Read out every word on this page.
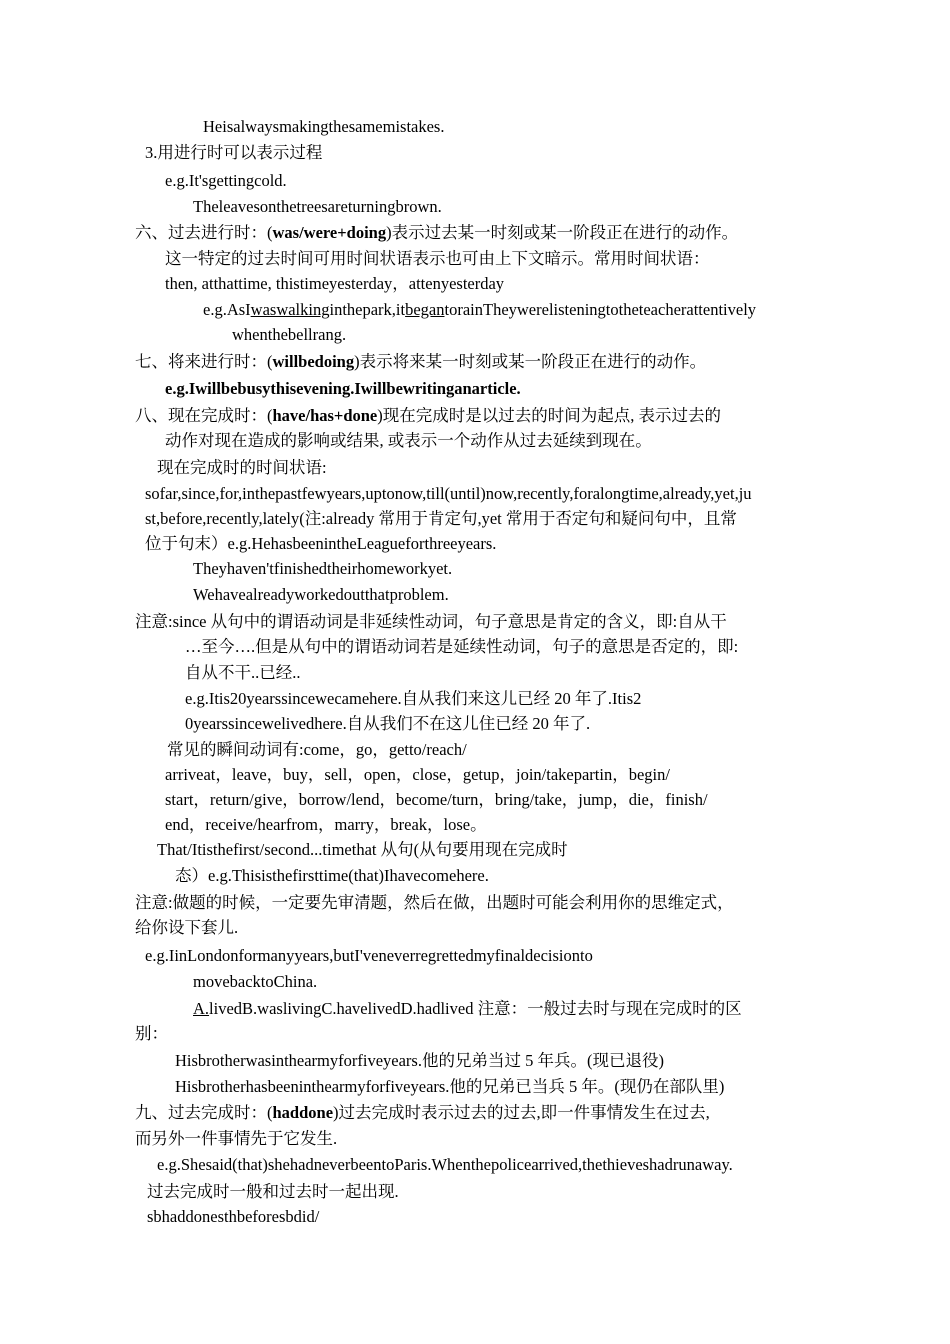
Heisalwaysmakingthesamemistakes.
3.用进行时可以表示过程
e.g.It'sgettingcold.
Theleavesonthetreesareturningbrown.
六、过去进行时：(was/were+doing)表示过去某一时刻或某一阶段正在进行的动作。
这一特定的过去时间可用时间状语表示也可由上下文暗示。常用时间状语：
then, atthattime, thistimeyesterday，attenyesterday
e.g.AsIwaswalkinginthepark,itbegantorainTheywerelisteningtotheteacherattentively
whenthebellrang.
七、将来进行时：(willbedoing)表示将来某一时刻或某一阶段正在进行的动作。
e.g.Iwillbebusythisevening.Iwillbewritinganarticle.
八、现在完成时：(have/has+done)现在完成时是以过去的时间为起点, 表示过去的
动作对现在造成的影响或结果, 或表示一个动作从过去延续到现在。
现在完成时的时间状语:
sofar,since,for,inthepastfewyears,uptonow,till(until)now,recently,foralongtime,already,yet,ju
st,before,recently,lately(注:already 常用于肯定句,yet 常用于否定句和疑问句中，且常
位于句末）e.g.HehasbeenintheLeagueforthreeyears.
Theyhaven'tfinishedtheirhomeworkyet.
Wehavealreadyworkedoutthatproblem.
注意:since 从句中的谓语动词是非延续性动词，句子意思是肯定的含义，即:自从干
…至今….但是从句中的谓语动词若是延续性动词，句子的意思是否定的，即:
自从不干..已经..
e.g.Itis20yearssincewecamehere.自从我们来这儿已经 20 年了.Itis2
0yearssincewelivedhere.自从我们不在这儿住已经 20 年了.
常见的瞬间动词有:come，go，getto/reach/
arriveat，leave，buy，sell，open，close，getup，join/takepartin，begin/
start，return/give，borrow/lend，become/turn，bring/take，jump，die，finish/
end，receive/hearfrom，marry，break，lose。
That/Itisthefirst/second...timethat 从句(从句要用现在完成时
态）e.g.Thisisthefirsttime(that)Ihavecomehere.
注意:做题的时候，一定要先审清题，然后在做，出题时可能会利用你的思维定式，
给你设下套儿.
e.g.IinLondonformanyyears,butI'veneverregrettedmyfinaldecisionto
movebacktoChina.
A.livedB.waslivingC.havelivedD.hadlived 注意：一般过去时与现在完成时的区
别：
Hisbrotherwasinthearmyforfiveyears.他的兄弟当过 5 年兵。(现已退役)
Hisbrotherhasbeeninthearmyforfiveyears.他的兄弟已当兵 5 年。(现仍在部队里)
九、过去完成时：(haddone)过去完成时表示过去的过去,即一件事情发生在过去,
而另外一件事情先于它发生.
e.g.Shesaid(that)shehadneverbeentoParis.Whenthepolicearrived,thethieveshadrunaway.
过去完成时一般和过去时一起出现.
sbhaddonesthbeforesbdid/
